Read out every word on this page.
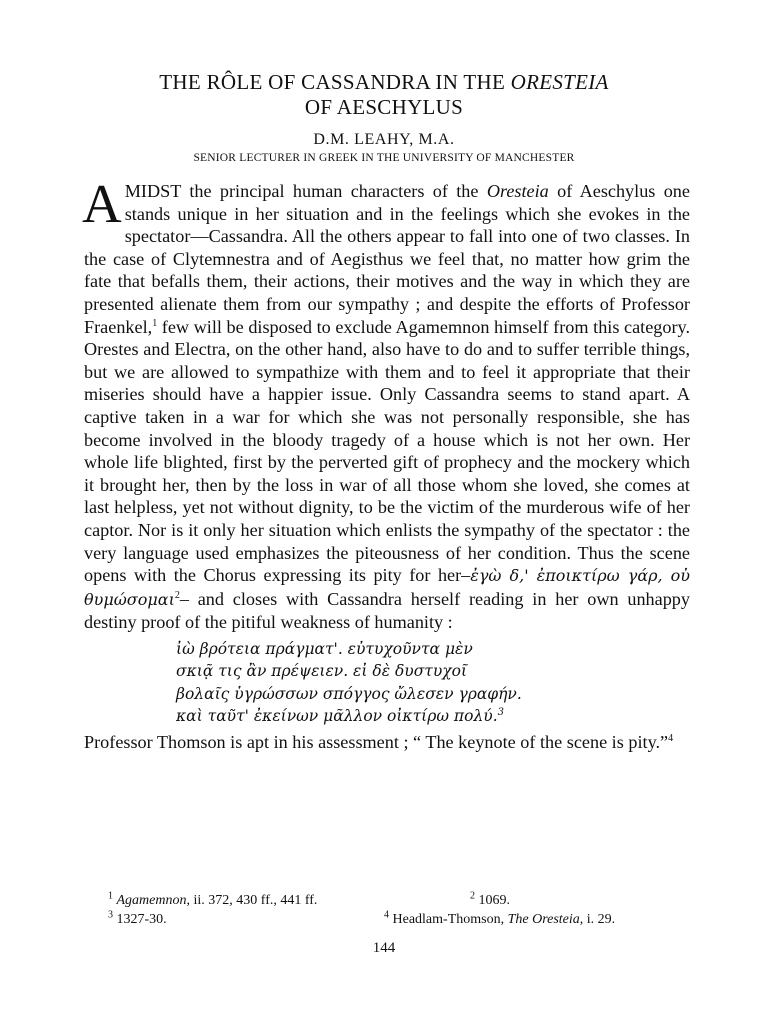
THE RÔLE OF CASSANDRA IN THE ORESTEIA
OF AESCHYLUS
D.M. LEAHY, M.A.
SENIOR LECTURER IN GREEK IN THE UNIVERSITY OF MANCHESTER

AMIDST the principal human characters of the Oresteia of Aeschylus one stands unique in her situation and in the feelings which she evokes in the spectator—Cassandra. All the others appear to fall into one of two classes. In the case of Clytemnestra and of Aegisthus we feel that, no matter how grim the fate that befalls them, their actions, their motives and the way in which they are presented alienate them from our sympathy ; and despite the efforts of Professor Fraenkel,$^1$ few will be disposed to exclude Agamemnon himself from this category. Orestes and Electra, on the other hand, also have to do and to suffer terrible things, but we are allowed to sympathize with them and to feel it appropriate that their miseries should have a happier issue. Only Cassandra seems to stand apart. A captive taken in a war for which she was not personally responsible, she has become involved in the bloody tragedy of a house which is not her own. Her whole life blighted, first by the perverted gift of prophecy and the mockery which it brought her, then by the loss in war of all those whom she loved, she comes at last helpless, yet not without dignity, to be the victim of the murderous wife of her captor. Nor is it only her situation which enlists the sympathy of the spectator : the very language used emphasizes the piteousness of her condition. Thus the scene opens with the Chorus expressing its pity for her–ἐγὼ δ,' ἐποικτίρω γάρ, οὐ θυμώσομαι$^2$– and closes with Cassandra herself reading in her own unhappy destiny proof of the pitiful weakness of humanity :

ἰὼ βρότεια πράγματ'. εὐτυχοῦντα μὲν
σκιᾷ τις ἂν πρέψειεν. εἰ δὲ δυστυχοῖ
βολαῖς ὑγρώσσων σπόγγος ὤλεσεν γραφήν.
καὶ ταῦτ' ἐκείνων μᾶλλον οἰκτίρω πολύ.$^3$

Professor Thomson is apt in his assessment ; “ The keynote of the scene is pity.”$^4$

$^1$ Agamemnon, ii. 372, 430 ff., 441 ff.	$^2$ 1069.
$^3$ 1327-30.	$^4$ Headlam-Thomson, The Oresteia, i. 29.
144
